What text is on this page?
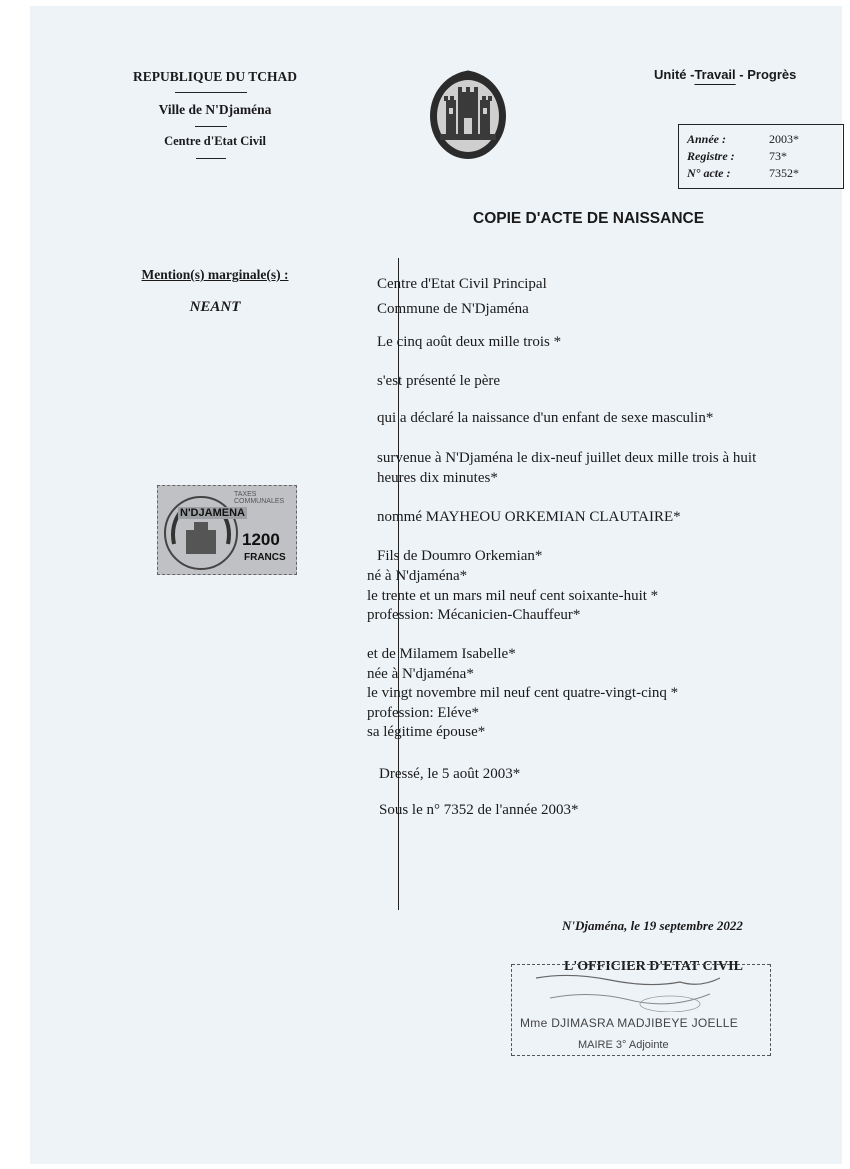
REPUBLIQUE DU TCHAD
Ville de N'Djaména
Centre d'Etat Civil
Unité -Travail - Progrès
Année :	2003*
Registre :	73*
N° acte :	7352*
COPIE D'ACTE DE NAISSANCE
Mention(s) marginale(s) :
NEANT
N'DJAMENA
TAXES COMMUNALES
1200
FRANCS
Centre d'Etat Civil Principal
Commune de N'Djaména
Le cinq août deux mille trois *
s'est présenté le père
qui a déclaré la naissance d'un enfant de sexe masculin*
survenue à N'Djaména le dix-neuf juillet deux mille trois à huit
heures dix minutes*
nommé MAYHEOU ORKEMIAN CLAUTAIRE*
Fils de Doumro Orkemian*
né à N'djaména*
le trente et un mars mil neuf cent soixante-huit *
profession: Mécanicien-Chauffeur*
et de Milamem Isabelle*
née à N'djaména*
le vingt novembre mil neuf cent quatre-vingt-cinq *
profession: Eléve*
sa légitime épouse*
Dressé, le 5 août 2003*
Sous le n° 7352 de l'année 2003*
N'Djaména, le 19 septembre 2022
L'OFFICIER D'ETAT CIVIL
Mme DJIMASRA MADJIBEYE JOELLE
MAIRE 3° Adjointe
